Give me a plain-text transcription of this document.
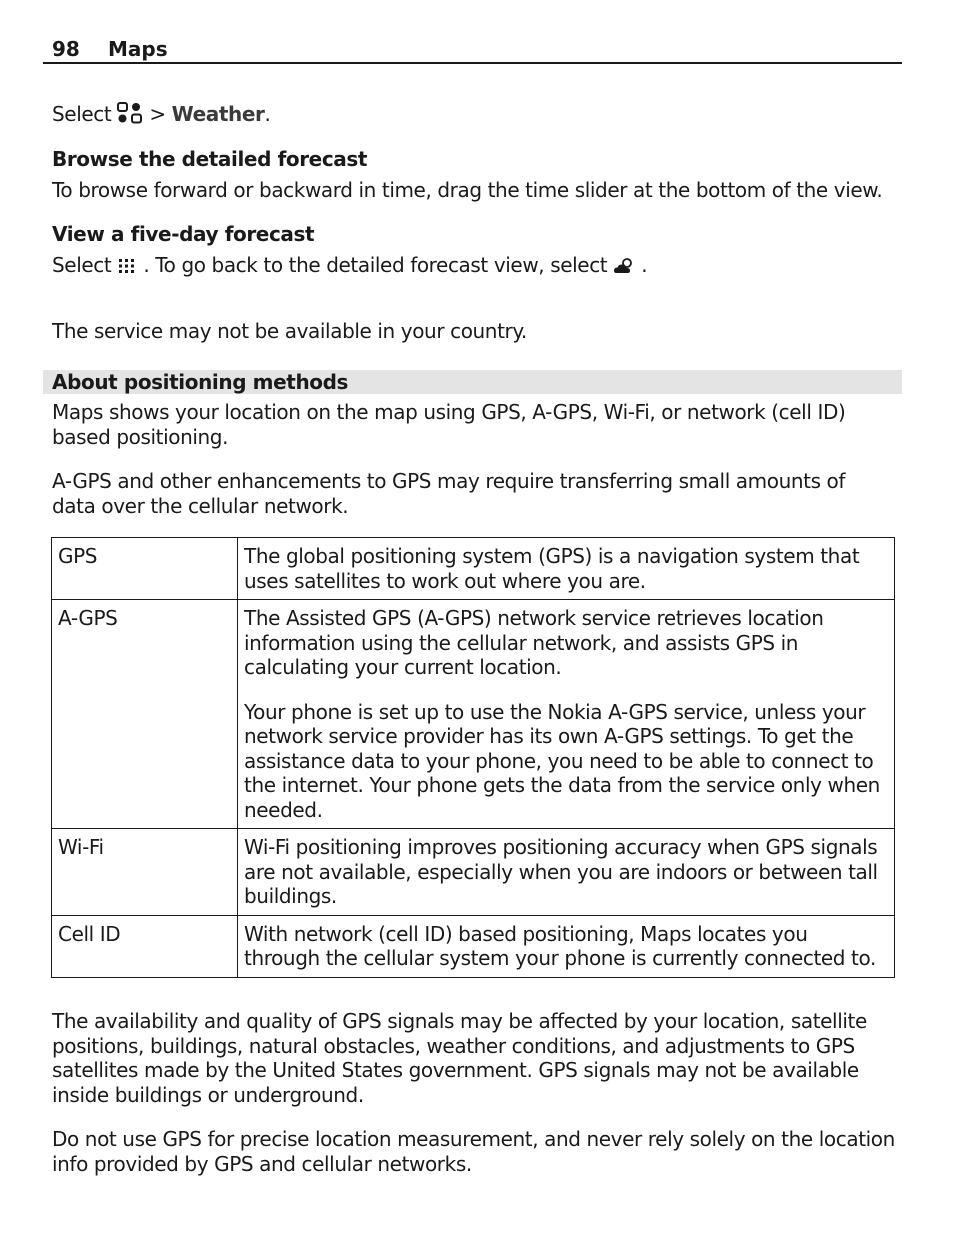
98 Maps
Select > Weather.
Browse the detailed forecast
To browse forward or backward in time, drag the time slider at the bottom of the view.
View a five-day forecast
Select . To go back to the detailed forecast view, select .
The service may not be available in your country.
About positioning methods
Maps shows your location on the map using GPS, A-GPS, Wi-Fi, or network (cell ID) based positioning.
A-GPS and other enhancements to GPS may require transferring small amounts of data over the cellular network.
GPS	The global positioning system (GPS) is a navigation system that uses satellites to work out where you are.

A-GPS	The Assisted GPS (A-GPS) network service retrieves location information using the cellular network, and assists GPS in calculating your current location.

Your phone is set up to use the Nokia A-GPS service, unless your network service provider has its own A-GPS settings. To get the assistance data to your phone, you need to be able to connect to the internet. Your phone gets the data from the service only when needed.

Wi-Fi	Wi-Fi positioning improves positioning accuracy when GPS signals are not available, especially when you are indoors or between tall buildings.

Cell ID	With network (cell ID) based positioning, Maps locates you through the cellular system your phone is currently connected to.

The availability and quality of GPS signals may be affected by your location, satellite positions, buildings, natural obstacles, weather conditions, and adjustments to GPS satellites made by the United States government. GPS signals may not be available inside buildings or underground.
Do not use GPS for precise location measurement, and never rely solely on the location info provided by GPS and cellular networks.
